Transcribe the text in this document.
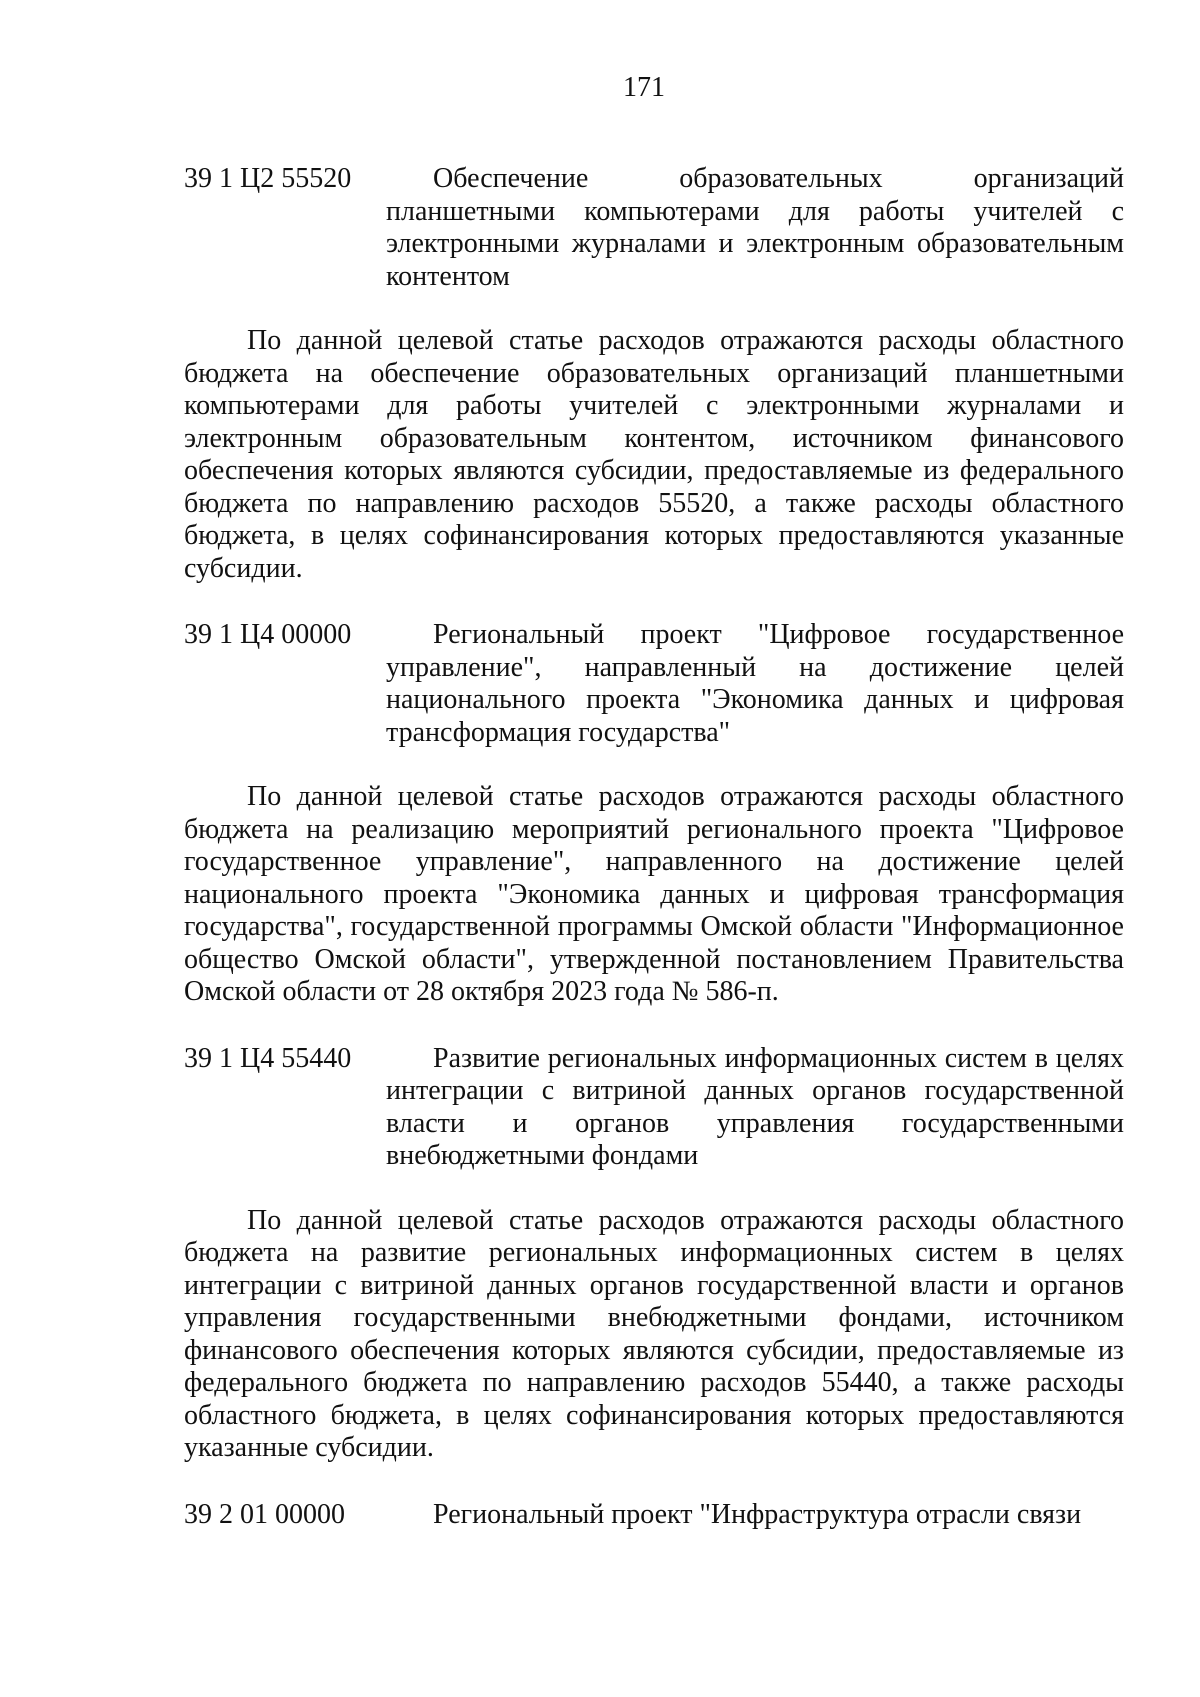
171
39 1 Ц2 55520	Обеспечение образовательных организаций планшетными компьютерами для работы учителей с электронными журналами и электронным образовательным контентом

По данной целевой статье расходов отражаются расходы областного бюджета на обеспечение образовательных организаций планшетными компьютерами для работы учителей с электронными журналами и электронным образовательным контентом, источником финансового обеспечения которых являются субсидии, предоставляемые из федерального бюджета по направлению расходов 55520, а также расходы областного бюджета, в целях софинансирования которых предоставляются указанные субсидии.

39 1 Ц4 00000	Региональный проект "Цифровое государственное управление", направленный на достижение целей национального проекта "Экономика данных и цифровая трансформация государства"

По данной целевой статье расходов отражаются расходы областного бюджета на реализацию мероприятий регионального проекта "Цифровое государственное управление", направленного на достижение целей национального проекта "Экономика данных и цифровая трансформация государства", государственной программы Омской области "Информационное общество Омской области", утвержденной постановлением Правительства Омской области от 28 октября 2023 года № 586-п.

39 1 Ц4 55440	Развитие региональных информационных систем в целях интеграции с витриной данных органов государственной власти и органов управления государственными внебюджетными фондами

По данной целевой статье расходов отражаются расходы областного бюджета на развитие региональных информационных систем в целях интеграции с витриной данных органов государственной власти и органов управления государственными внебюджетными фондами, источником финансового обеспечения которых являются субсидии, предоставляемые из федерального бюджета по направлению расходов 55440, а также расходы областного бюджета, в целях софинансирования которых предоставляются указанные субсидии.

39 2 01 00000	Региональный проект "Инфраструктура отрасли связи
